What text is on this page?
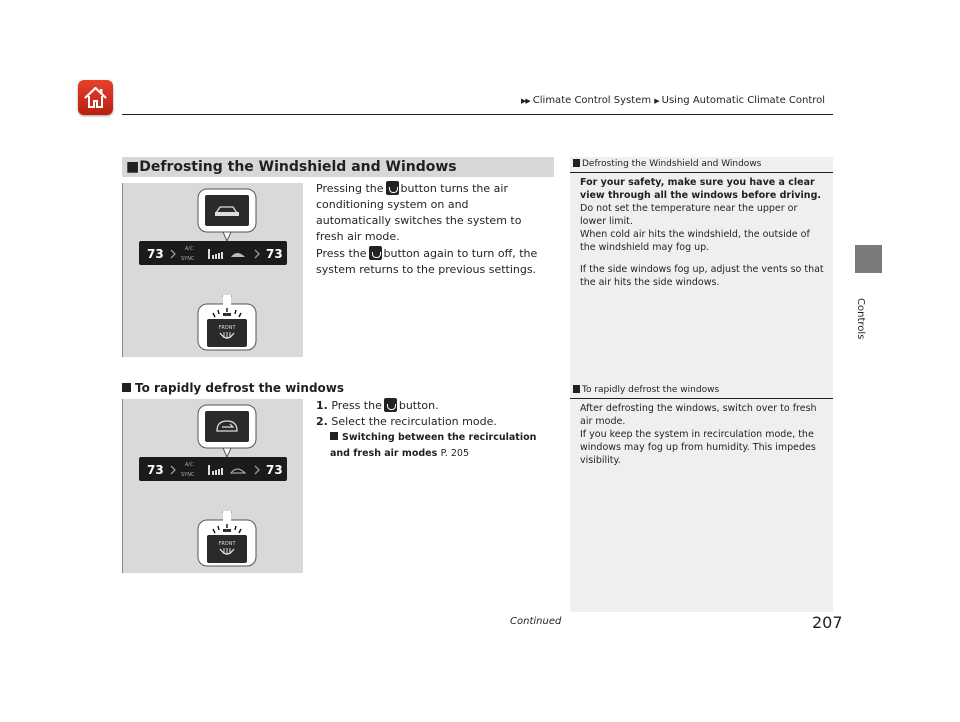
▶▶ Climate Control System ▶ Using Automatic Climate Control
Controls
■Defrosting the Windshield and Windows
73	73
A/C
SYNC
FRONT
Pressing the button turns the air conditioning system on and automatically switches the system to fresh air mode.
Press the button again to turn off, the system returns to the previous settings.
To rapidly defrost the windows
73	73
A/C
SYNC
FRONT
1. Press the button.
2. Select the recirculation mode.
Switching between the recirculation and fresh air modes P. 205
Defrosting the Windshield and Windows

For your safety, make sure you have a clear view through all the windows before driving.

Do not set the temperature near the upper or lower limit.

When cold air hits the windshield, the outside of the windshield may fog up.

If the side windows fog up, adjust the vents so that the air hits the side windows.

To rapidly defrost the windows

After defrosting the windows, switch over to fresh air mode.

If you keep the system in recirculation mode, the windows may fog up from humidity. This impedes visibility.

Continued	207
